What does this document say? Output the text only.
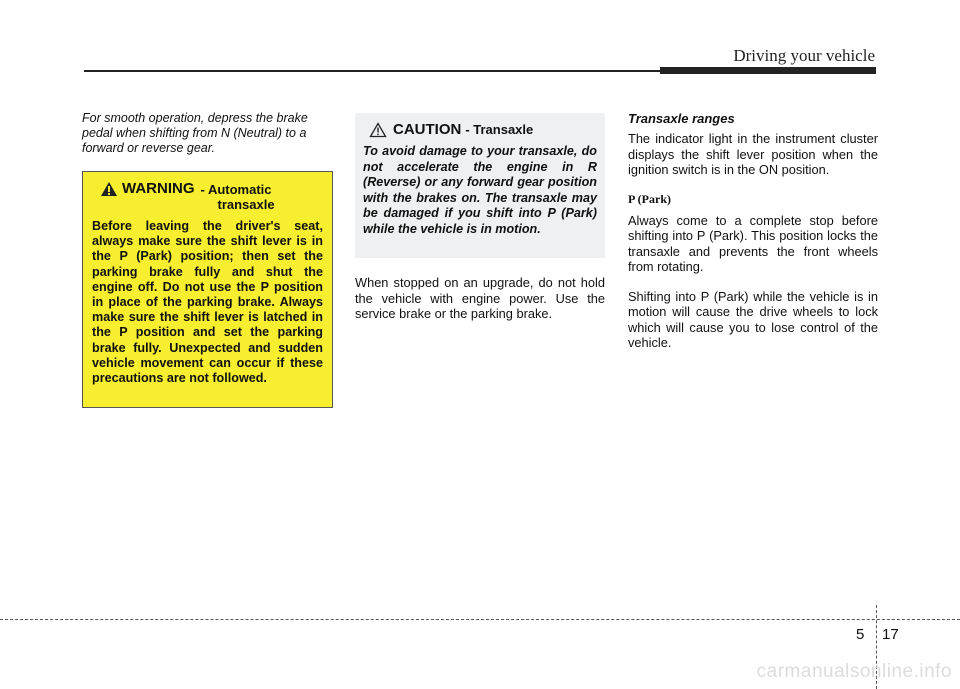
Driving your vehicle

For smooth operation, depress the brake pedal when shifting from N (Neutral) to a forward or reverse gear.

WARNING - Automatic
transaxle

Before leaving the driver's seat, always make sure the shift lever is in the P (Park) position; then set the parking brake fully and shut the engine off. Do not use the P position in place of the parking brake. Always make sure the shift lever is latched in the P position and set the parking brake fully. Unexpected and sudden vehicle movement can occur if these precautions are not followed.

CAUTION - Transaxle

To avoid damage to your transaxle, do not accelerate the engine in R (Reverse) or any forward gear position with the brakes on. The transaxle may be damaged if you shift into P (Park) while the vehicle is in motion.

When stopped on an upgrade, do not hold the vehicle with engine power. Use the service brake or the parking brake.

Transaxle ranges

The indicator light in the instrument cluster displays the shift lever position when the ignition switch is in the ON position.

P (Park)

Always come to a complete stop before shifting into P (Park). This position locks the transaxle and prevents the front wheels from rotating.

Shifting into P (Park) while the vehicle is in motion will cause the drive wheels to lock which will cause you to lose control of the vehicle.

5 17
carmanualsonline.info
